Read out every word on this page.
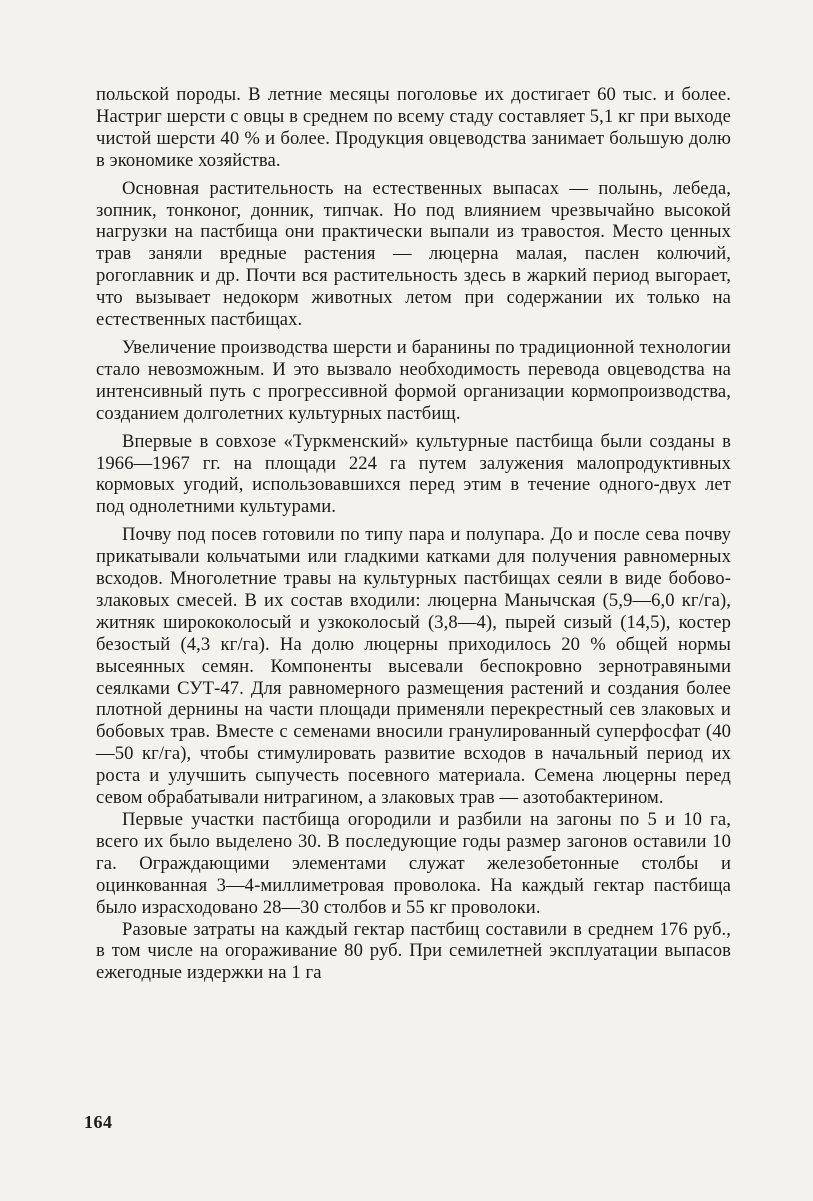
польской породы. В летние месяцы поголовье их достигает 60 тыс. и более. Настриг шерсти с овцы в среднем по всему стаду составляет 5,1 кг при выходе чистой шерсти 40 % и более. Продукция овцеводства занимает большую долю в экономике хозяйства.

Основная растительность на естественных выпасах — полынь, лебеда, зопник, тонконог, донник, типчак. Но под влиянием чрезвычайно высокой нагрузки на пастбища они практически выпали из травостоя. Место ценных трав заняли вредные растения — люцерна малая, паслен колючий, рогоглавник и др. Почти вся растительность здесь в жаркий период выгорает, что вызывает недокорм животных летом при содержании их только на естественных пастбищах.

Увеличение производства шерсти и баранины по традиционной технологии стало невозможным. И это вызвало необходимость перевода овцеводства на интенсивный путь с прогрессивной формой организации кормопроизводства, созданием долголетних культурных пастбищ.

Впервые в совхозе «Туркменский» культурные пастбища были созданы в 1966—1967 гг. на площади 224 га путем залужения малопродуктивных кормовых угодий, использовавшихся перед этим в течение одного-двух лет под однолетними культурами.

Почву под посев готовили по типу пара и полупара. До и после сева почву прикатывали кольчатыми или гладкими катками для получения равномерных всходов. Многолетние травы на культурных пастбищах сеяли в виде бобово-злаковых смесей. В их состав входили: люцерна Манычская (5,9—6,0 кг/га), житняк ширококолосый и узкоколосый (3,8—4), пырей сизый (14,5), костер безостый (4,3 кг/га). На долю люцерны приходилось 20 % общей нормы высеянных семян. Компоненты высевали беспокровно зернотравяными сеялками СУТ-47. Для равномерного размещения растений и создания более плотной дернины на части площади применяли перекрестный сев злаковых и бобовых трав. Вместе с семенами вносили гранулированный суперфосфат (40—50 кг/га), чтобы стимулировать развитие всходов в начальный период их роста и улучшить сыпучесть посевного материала. Семена люцерны перед севом обрабатывали нитрагином, а злаковых трав — азотобактерином.

Первые участки пастбища огородили и разбили на загоны по 5 и 10 га, всего их было выделено 30. В последующие годы размер загонов оставили 10 га. Ограждающими элементами служат железобетонные столбы и оцинкованная 3—4-миллиметровая проволока. На каждый гектар пастбища было израсходовано 28—30 столбов и 55 кг проволоки.

Разовые затраты на каждый гектар пастбищ составили в среднем 176 руб., в том числе на огораживание 80 руб. При семилетней эксплуатации выпасов ежегодные издержки на 1 га

164
